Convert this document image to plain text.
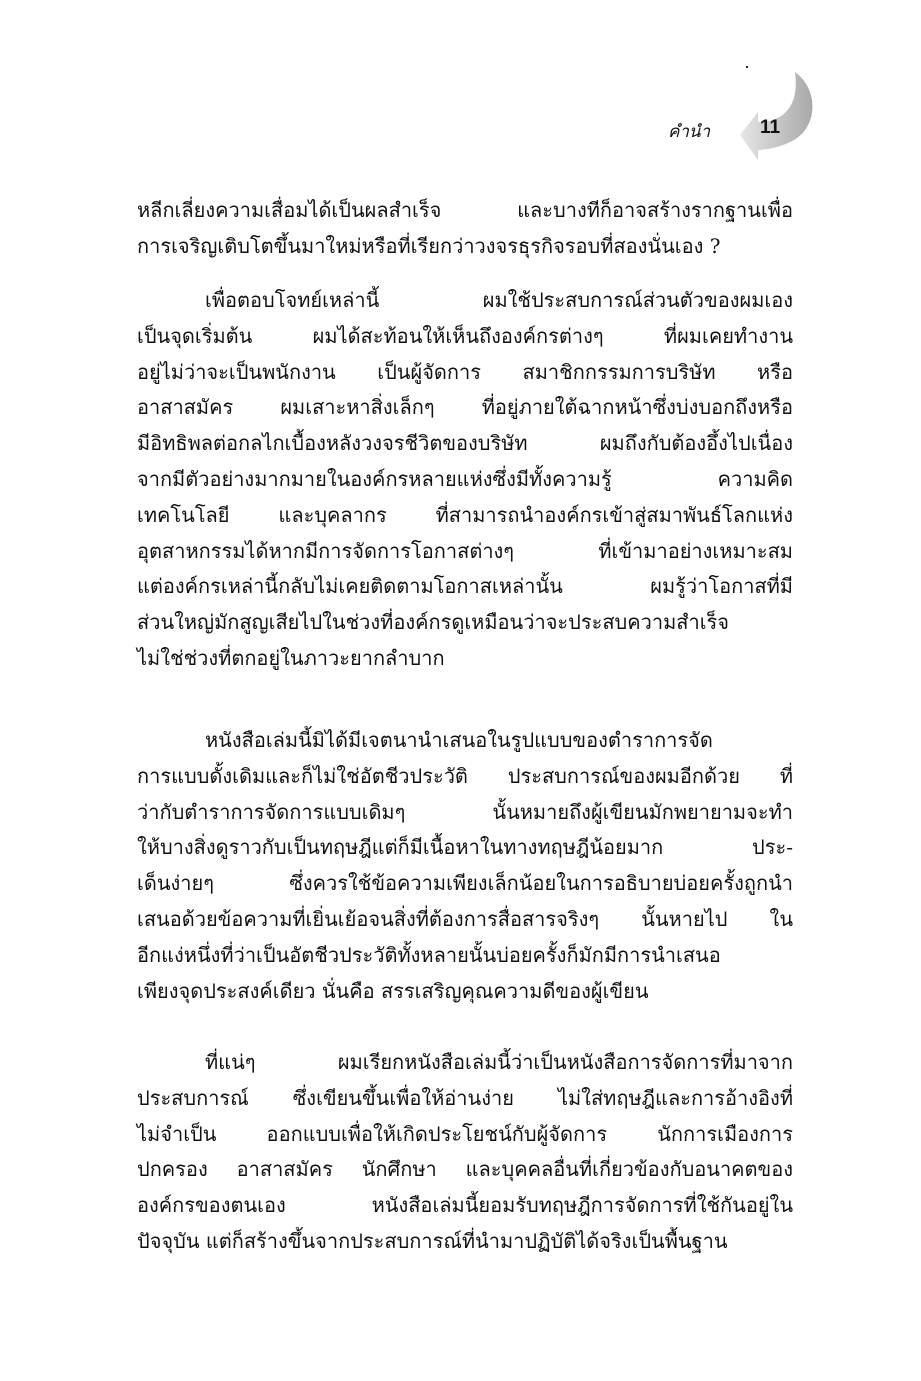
คำนำ	11
หลีกเลี่ยงความเสื่อมได้เป็นผลสำเร็จ และบางทีก็อาจสร้างรากฐานเพื่อ
การเจริญเติบโตขึ้นมาใหม่หรือที่เรียกว่าวงจรธุรกิจรอบที่สองนั่นเอง ?
เพื่อตอบโจทย์เหล่านี้ ผมใช้ประสบการณ์ส่วนตัวของผมเอง
เป็นจุดเริ่มต้น ผมได้สะท้อนให้เห็นถึงองค์กรต่างๆ ที่ผมเคยทำงาน
อยู่ไม่ว่าจะเป็นพนักงาน เป็นผู้จัดการ สมาชิกกรรมการบริษัท หรือ
อาสาสมัคร ผมเสาะหาสิ่งเล็กๆ ที่อยู่ภายใต้ฉากหน้าซึ่งบ่งบอกถึงหรือ
มีอิทธิพลต่อกลไกเบื้องหลังวงจรชีวิตของบริษัท ผมถึงกับต้องอึ้งไปเนื่อง
จากมีตัวอย่างมากมายในองค์กรหลายแห่งซึ่งมีทั้งความรู้ ความคิด
เทคโนโลยี และบุคลากร ที่สามารถนำองค์กรเข้าสู่สมาพันธ์โลกแห่ง
อุตสาหกรรมได้หากมีการจัดการโอกาสต่างๆ ที่เข้ามาอย่างเหมาะสม
แต่องค์กรเหล่านี้กลับไม่เคยติดตามโอกาสเหล่านั้น ผมรู้ว่าโอกาสที่มี
ส่วนใหญ่มักสูญเสียไปในช่วงที่องค์กรดูเหมือนว่าจะประสบความสำเร็จ
ไม่ใช่ช่วงที่ตกอยู่ในภาวะยากลำบาก
หนังสือเล่มนี้มิได้มีเจตนานำเสนอในรูปแบบของตำราการจัด
การแบบดั้งเดิมและก็ไม่ใช่อัตชีวประวัติ ประสบการณ์ของผมอีกด้วย ที่
ว่ากับตำราการจัดการแบบเดิมๆ นั้นหมายถึงผู้เขียนมักพยายามจะทำ
ให้บางสิ่งดูราวกับเป็นทฤษฎีแต่ก็มีเนื้อหาในทางทฤษฎีน้อยมาก ประ-
เด็นง่ายๆ ซึ่งควรใช้ข้อความเพียงเล็กน้อยในการอธิบายบ่อยครั้งถูกนำ
เสนอด้วยข้อความที่เยิ่นเย้อจนสิ่งที่ต้องการสื่อสารจริงๆ นั้นหายไป ใน
อีกแง่หนึ่งที่ว่าเป็นอัตชีวประวัติทั้งหลายนั้นบ่อยครั้งก็มักมีการนำเสนอ
เพียงจุดประสงค์เดียว นั่นคือ สรรเสริญคุณความดีของผู้เขียน
ที่แน่ๆ ผมเรียกหนังสือเล่มนี้ว่าเป็นหนังสือการจัดการที่มาจาก
ประสบการณ์ ซึ่งเขียนขึ้นเพื่อให้อ่านง่าย ไม่ใส่ทฤษฎีและการอ้างอิงที่
ไม่จำเป็น ออกแบบเพื่อให้เกิดประโยชน์กับผู้จัดการ นักการเมืองการ
ปกครอง อาสาสมัคร นักศึกษา และบุคคลอื่นที่เกี่ยวข้องกับอนาคตของ
องค์กรของตนเอง หนังสือเล่มนี้ยอมรับทฤษฎีการจัดการที่ใช้กันอยู่ใน
ปัจจุบัน แต่ก็สร้างขึ้นจากประสบการณ์ที่นำมาปฏิบัติได้จริงเป็นพื้นฐาน
